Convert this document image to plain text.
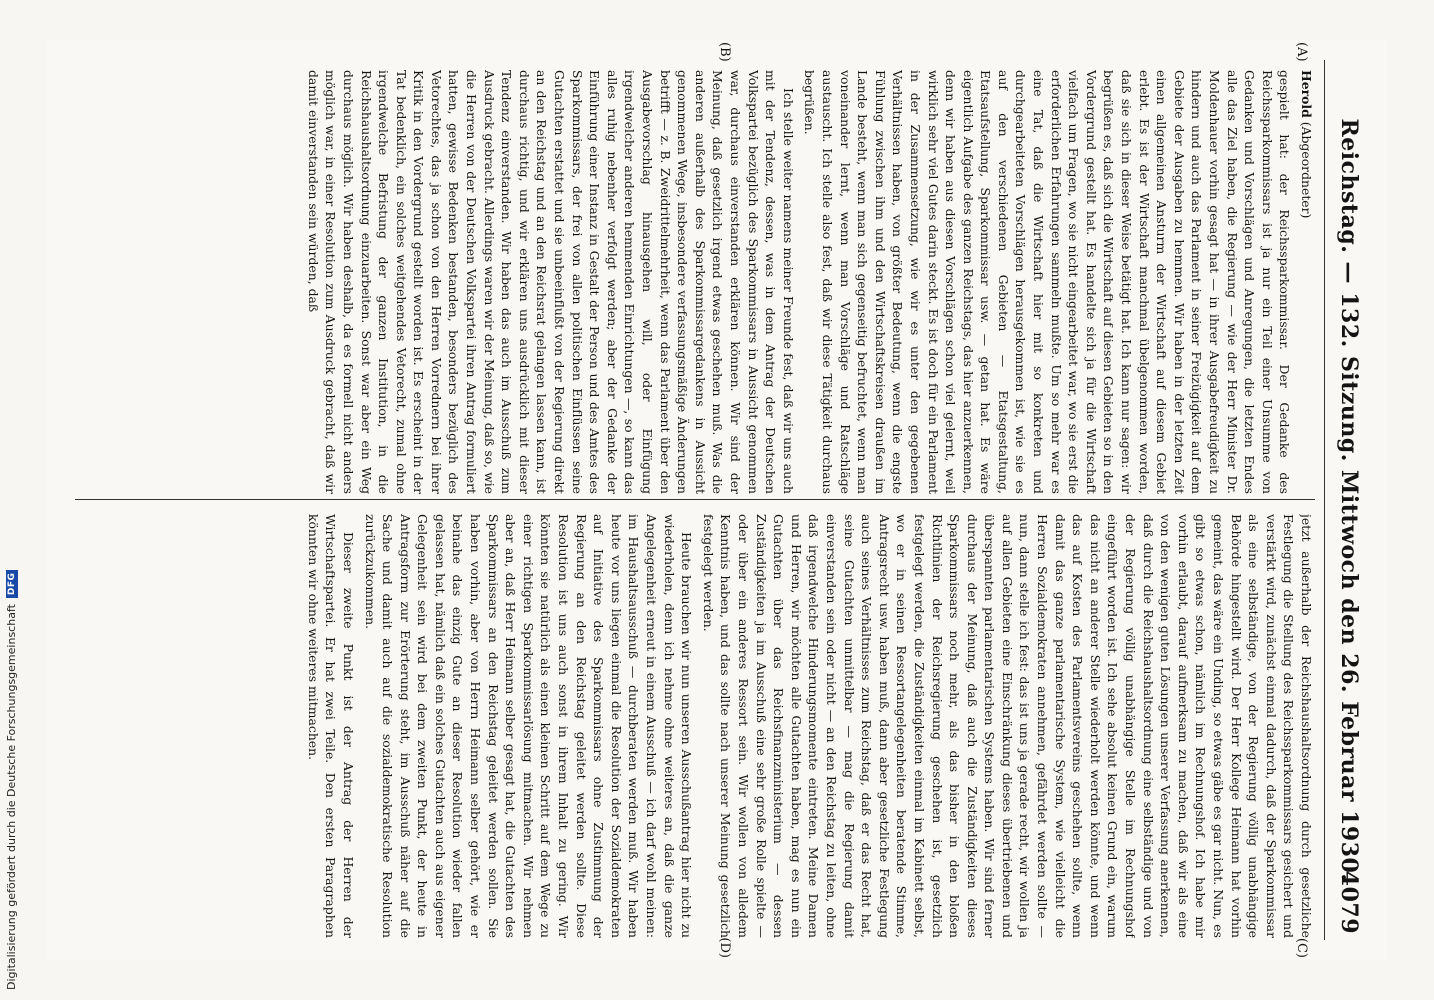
Reichstag. — 132. Sitzung. Mittwoch den 26. Februar 1930.
4079
(A)
(B)
(C)
(D)

Herold (Abgeordneter)

gespielt hat: der Reichssparkommissar. Der Gedanke des Reichssparkommissars ist ja nur ein Teil einer Unsumme von Gedanken und Vorschlägen und Anregungen, die letzten Endes alle das Ziel haben, die Regierung — wie der Herr Minister Dr. Moldenhauer vorhin gesagt hat — in ihrer Ausgabefreudigkeit zu hindern und auch das Parlament in seiner Freizügigkeit auf dem Gebiete der Ausgaben zu hemmen. Wir haben in der letzten Zeit einen allgemeinen Ansturm der Wirtschaft auf diesem Gebiet erlebt. Es ist der Wirtschaft manchmal übelgenommen worden, daß sie sich in dieser Weise betätigt hat. Ich kann nur sagen: wir begrüßen es, daß sich die Wirtschaft auf diesen Gebieten so in den Vordergrund gestellt hat. Es handelte sich ja für die Wirtschaft vielfach um Fragen, wo sie nicht eingearbeitet war, wo sie erst die erforderlichen Erfahrungen sammeln mußte. Um so mehr war es eine Tat, daß die Wirtschaft hier mit so konkreten und durchgearbeiteten Vorschlägen herausgekommen ist, wie sie es auf den verschiedenen Gebieten — Etatsgestaltung, Etatsaufstellung, Sparkommissar usw. — getan hat. Es wäre eigentlich Aufgabe des ganzen Reichstags, das hier anzuerkennen, denn wir haben aus diesen Vorschlägen schon viel gelernt, weil wirklich sehr viel Gutes darin steckt. Es ist doch für ein Parlament in der Zusammensetzung, wie wir es unter den gegebenen Verhältnissen haben, von größter Bedeutung, wenn die engste Fühlung zwischen ihm und den Wirtschaftskreisen draußen im Lande besteht, wenn man sich gegenseitig befruchtet, wenn man voneinander lernt, wenn man Vorschläge und Ratschläge austauscht. Ich stelle also fest, daß wir diese Tätigkeit durchaus begrüßen.

Ich stelle weiter namens meiner Freunde fest, daß wir uns auch mit der Tendenz, dessen, was in dem Antrag der Deutschen Volkspartei bezüglich des Sparkommissars in Aussicht genommen war, durchaus einverstanden erklären können. Wir sind der Meinung, daß gesetzlich irgend etwas geschehen muß. Was die anderen außerhalb des Sparkommissargedankens in Aussicht genommenen Wege, insbesondere verfassungsmäßige Änderungen betrifft — z. B. Zweidrittelmehrheit, wenn das Parlament über den Ausgabevorschlag hinausgehen will, oder Einfügung irgendwelcher anderen hemmenden Einrichtungen —, so kann das alles ruhig nebenher verfolgt werden; aber der Gedanke der Einführung einer Instanz in Gestalt der Person und des Amtes des Sparkommissars, der frei von allen politischen Einflüssen seine Gutachten erstattet und sie unbeeinflußt von der Regierung direkt an den Reichstag und an den Reichsrat gelangen lassen kann, ist durchaus richtig, und wir erklären uns ausdrücklich mit dieser Tendenz einverstanden. Wir haben das auch im Ausschuß zum Ausdruck gebracht. Allerdings waren wir der Meinung, daß so, wie die Herren von der Deutschen Volkspartei ihren Antrag formuliert hatten, gewisse Bedenken bestanden, besonders bezüglich des Vetorechtes, das ja schon von den Herren Vorrednern bei ihrer Kritik in den Vordergrund gestellt worden ist. Es erscheint in der Tat bedenklich, ein solches weitgehendes Vetorecht, zumal ohne irgendwelche Befristung der ganzen Institution, in die Reichshaushaltsordnung einzuarbeiten. Sonst war aber ein Weg durchaus möglich. Wir haben deshalb, da es formell nicht anders möglich war, in einer Resolution zum Ausdruck gebracht, daß wir damit einverstanden sein würden, daß

jetzt außerhalb der Reichshaushaltsordnung durch gesetzliche Festlegung die Stellung des Reichssparkommissars gesichert und verstärkt wird, zunächst einmal dadurch, daß der Sparkommissar als eine selbständige, von der Regierung völlig unabhängige Behörde hingestellt wird. Der Herr Kollege Heimann hat vorhin gemeint, das wäre ein Unding, so etwas gäbe es gar nicht. Nun, es gibt so etwas schon, nämlich im Rechnungshof. Ich habe mir vorhin erlaubt, darauf aufmerksam zu machen, daß wir als eine von den wenigen guten Lösungen unserer Verfassung anerkennen, daß durch die Reichshaushaltsordnung eine selbständige und von der Regierung völlig unabhängige Stelle im Rechnungshof eingeführt worden ist. Ich sehe absolut keinen Grund ein, warum das nicht an anderer Stelle wiederholt werden könnte, und wenn das auf Kosten des Parlamentsvereins geschehen sollte, wenn damit das ganze parlamentarische System, wie vielleicht die Herren Sozialdemokraten annehmen, gefährdet werden sollte — nun, dann stelle ich fest: das ist uns ja gerade recht, wir wollen ja auf allen Gebieten eine Einschränkung dieses übertriebenen und überspannten parlamentarischen Systems haben. Wir sind ferner durchaus der Meinung, daß auch die Zuständigkeiten dieses Sparkommissars noch mehr, als das bisher in den bloßen Richtlinien der Reichsregierung geschehen ist, gesetzlich festgelegt werden, die Zuständigkeiten einmal im Kabinett selbst, wo er in seinen Ressortangelegenheiten beratende Stimme, Antragsrecht usw. haben muß, dann aber gesetzliche Festlegung auch seines Verhältnisses zum Reichstag, daß er das Recht hat, seine Gutachten unmittelbar — mag die Regierung damit einverstanden sein oder nicht — an den Reichstag zu leiten, ohne daß irgendwelche Hinderungsmomente eintreten. Meine Damen und Herren, wir möchten alle Gutachten haben, mag es nun ein Gutachten über das Reichsfinanzministerium — dessen Zuständigkeiten ja im Ausschuß eine sehr große Rolle spielte — oder über ein anderes Ressort sein. Wir wollen von alledem Kenntnis haben, und das sollte nach unserer Meinung gesetzlich festgelegt werden.

Heute brauchen wir nun unseren Ausschußantrag hier nicht zu wiederholen, denn ich nehme ohne weiteres an, daß die ganze Angelegenheit erneut in einem Ausschuß — ich darf wohl meinen: im Haushaltsausschuß — durchberaten werden muß. Wir haben heute vor uns liegen einmal die Resolution der Sozialdemokraten auf Initiative des Sparkommissars ohne Zustimmung der Regierung an den Reichstag geleitet werden sollte. Diese Resolution ist uns auch sonst in ihrem Inhalt zu gering. Wir könnten sie natürlich als einen kleinen Schritt auf dem Wege zu einer richtigen Sparkommissarlösung mitmachen. Wir nehmen aber an, daß Herr Heimann selber gesagt hat, die Gutachten des Sparkommissars an den Reichstag geleitet werden sollen. Sie haben vorhin, aber von Herrn Heimann selber gehört, wie er beinahe das einzig Gute an dieser Resolution wieder fallen gelassen hat, nämlich daß ein solches Gutachten auch aus eigener Gelegenheit sein wird bei dem zweiten Punkt, der heute in Antragsform zur Erörterung steht, im Ausschuß näher auf die Sache und damit auch auf die sozialdemokratische Resolution zurückzukommen.

Dieser zweite Punkt ist der Antrag der Herren der Wirtschaftspartei. Er hat zwei Teile. Den ersten Paragraphen könnten wir ohne weiteres mitmachen.

Digitalisierung gefördert durch die Deutsche Forschungsgemeinschaft
DFG
